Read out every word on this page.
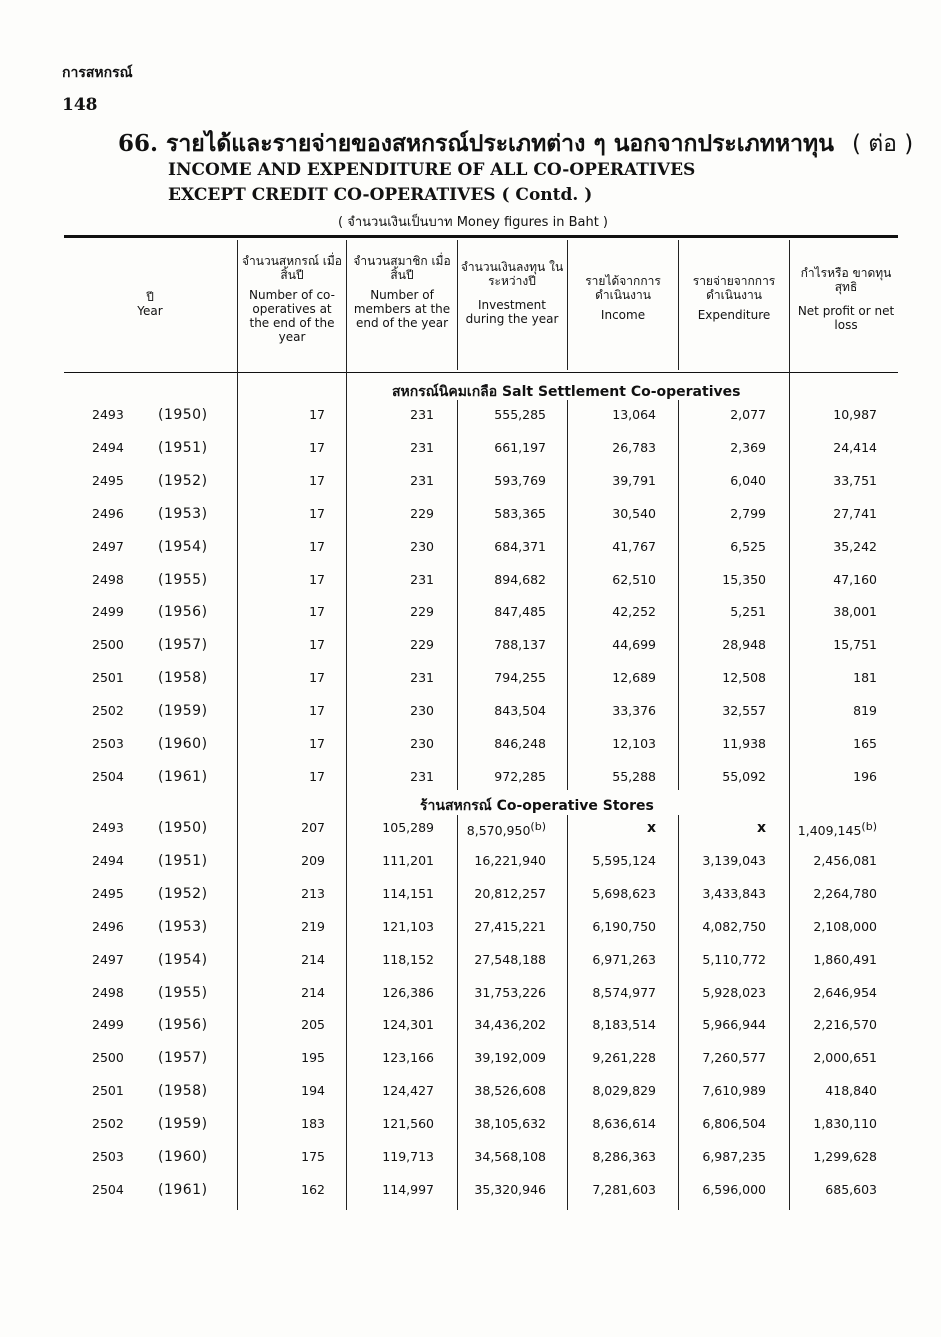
การสหกรณ์
148
66. รายได้และรายจ่ายของสหกรณ์ประเภทต่าง ๆ นอกจากประเภทหาทุน ( ต่อ )
INCOME AND EXPENDITURE OF ALL CO-OPERATIVES
EXCEPT CREDIT CO-OPERATIVES ( Contd. )
( จำนวนเงินเป็นบาท Money figures in Baht )
ปี
Year
จำนวนสหกรณ์ เมื่อสิ้นปี
Number of co-operatives at the end of the year
จำนวนสมาชิก เมื่อสิ้นปี
Number of members at the end of the year
จำนวนเงินลงทุน ในระหว่างปี
Investment during the year
รายได้จากการ ดำเนินงาน
Income
รายจ่ายจากการ ดำเนินงาน
Expenditure
กำไรหรือ ขาดทุนสุทธิ
Net profit or net loss
สหกรณ์นิคมเกลือ Salt Settlement Co-operatives
ร้านสหกรณ์ Co-operative Stores
2493 (1950)	17	231	555,285	13,064	2,077	10,987
2494 (1951)	17	231	661,197	26,783	2,369	24,414
2495 (1952)	17	231	593,769	39,791	6,040	33,751
2496 (1953)	17	229	583,365	30,540	2,799	27,741
2497 (1954)	17	230	684,371	41,767	6,525	35,242
2498 (1955)	17	231	894,682	62,510	15,350	47,160
2499 (1956)	17	229	847,485	42,252	5,251	38,001
2500 (1957)	17	229	788,137	44,699	28,948	15,751
2501 (1958)	17	231	794,255	12,689	12,508	181
2502 (1959)	17	230	843,504	33,376	32,557	819
2503 (1960)	17	230	846,248	12,103	11,938	165
2504 (1961)	17	231	972,285	55,288	55,092	196
2493 (1950)	207	105,289	8,570,950$^{(b)}$	x	x	1,409,145$^{(b)}$
2494 (1951)	209	111,201	16,221,940	5,595,124	3,139,043	2,456,081
2495 (1952)	213	114,151	20,812,257	5,698,623	3,433,843	2,264,780
2496 (1953)	219	121,103	27,415,221	6,190,750	4,082,750	2,108,000
2497 (1954)	214	118,152	27,548,188	6,971,263	5,110,772	1,860,491
2498 (1955)	214	126,386	31,753,226	8,574,977	5,928,023	2,646,954
2499 (1956)	205	124,301	34,436,202	8,183,514	5,966,944	2,216,570
2500 (1957)	195	123,166	39,192,009	9,261,228	7,260,577	2,000,651
2501 (1958)	194	124,427	38,526,608	8,029,829	7,610,989	418,840
2502 (1959)	183	121,560	38,105,632	8,636,614	6,806,504	1,830,110
2503 (1960)	175	119,713	34,568,108	8,286,363	6,987,235	1,299,628
2504 (1961)	162	114,997	35,320,946	7,281,603	6,596,000	685,603
